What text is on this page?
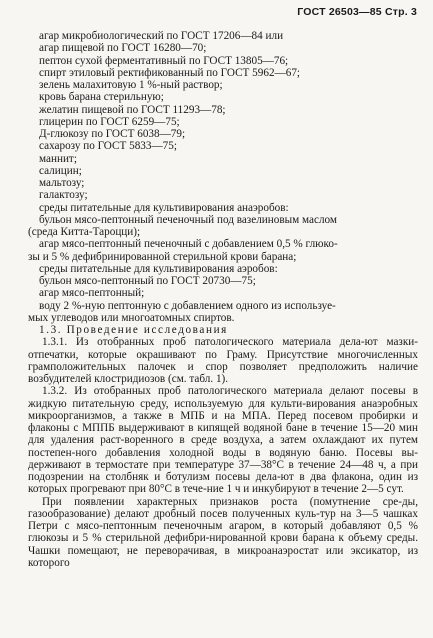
ГОСТ 26503—85 Стр. 3
агар микробиологический по ГОСТ 17206—84 или
агар пищевой по ГОСТ 16280—70;
пептон сухой ферментативный по ГОСТ 13805—76;
спирт этиловый ректификованный по ГОСТ 5962—67;
зелень малахитовую 1 %-ный раствор;
кровь барана стерильную;
желатин пищевой по ГОСТ 11293—78;
глицерин по ГОСТ 6259—75;
Д-глюкозу по ГОСТ 6038—79;
сахарозу по ГОСТ 5833—75;
маннит;
салицин;
мальтозу;
галактозу;
среды питательные для культивирования анаэробов:
бульон мясо-пептонный печеночный под вазелиновым маслом
(среда Китта-Тароцци);
агар мясо-пептонный печеночный с добавлением 0,5 % глюко-
зы и 5 % дефибринированной стерильной крови барана;
среды питательные для культивирования аэробов:
бульон мясо-пептонный по ГОСТ 20730—75;
агар мясо-пептонный;
воду 2 %-ную пептонную с добавлением одного из используе-
мых углеводов или многоатомных спиртов.
1.3. Проведение исследования
1.3.1. Из отобранных проб патологического материала дела-ют мазки-отпечатки, которые окрашивают по Граму. Присутствие многочисленных грамположительных палочек и спор позволяет предположить наличие возбудителей клостридиозов (см. табл. 1).
1.3.2. Из отобранных проб патологического материала делают посевы в жидкую питательную среду, используемую для культи-вирования анаэробных микроорганизмов, а также в МПБ и на МПА. Перед посевом пробирки и флаконы с МППБ выдерживают в кипящей водяной бане в течение 15—20 мин для удаления раст-воренного в среде воздуха, а затем охлаждают их путем постепен-ного добавления холодной воды в водяную баню. Посевы вы-держивают в термостате при температуре 37—38°С в течение 24—48 ч, а при подозрении на столбняк и ботулизм посевы дела-ют в два флакона, один из которых прогревают при 80°С в тече-ние 1 ч и инкубируют в течение 2—5 сут.
При появлении характерных признаков роста (помутнение сре-ды, газообразование) делают дробный посев полученных куль-тур на 3—5 чашках Петри с мясо-пептонным печеночным агаром, в который добавляют 0,5 % глюкозы и 5 % стерильной дефибри-нированной крови барана к объему среды. Чашки помещают, не переворачивая, в микроанаэростат или эксикатор, из которого
